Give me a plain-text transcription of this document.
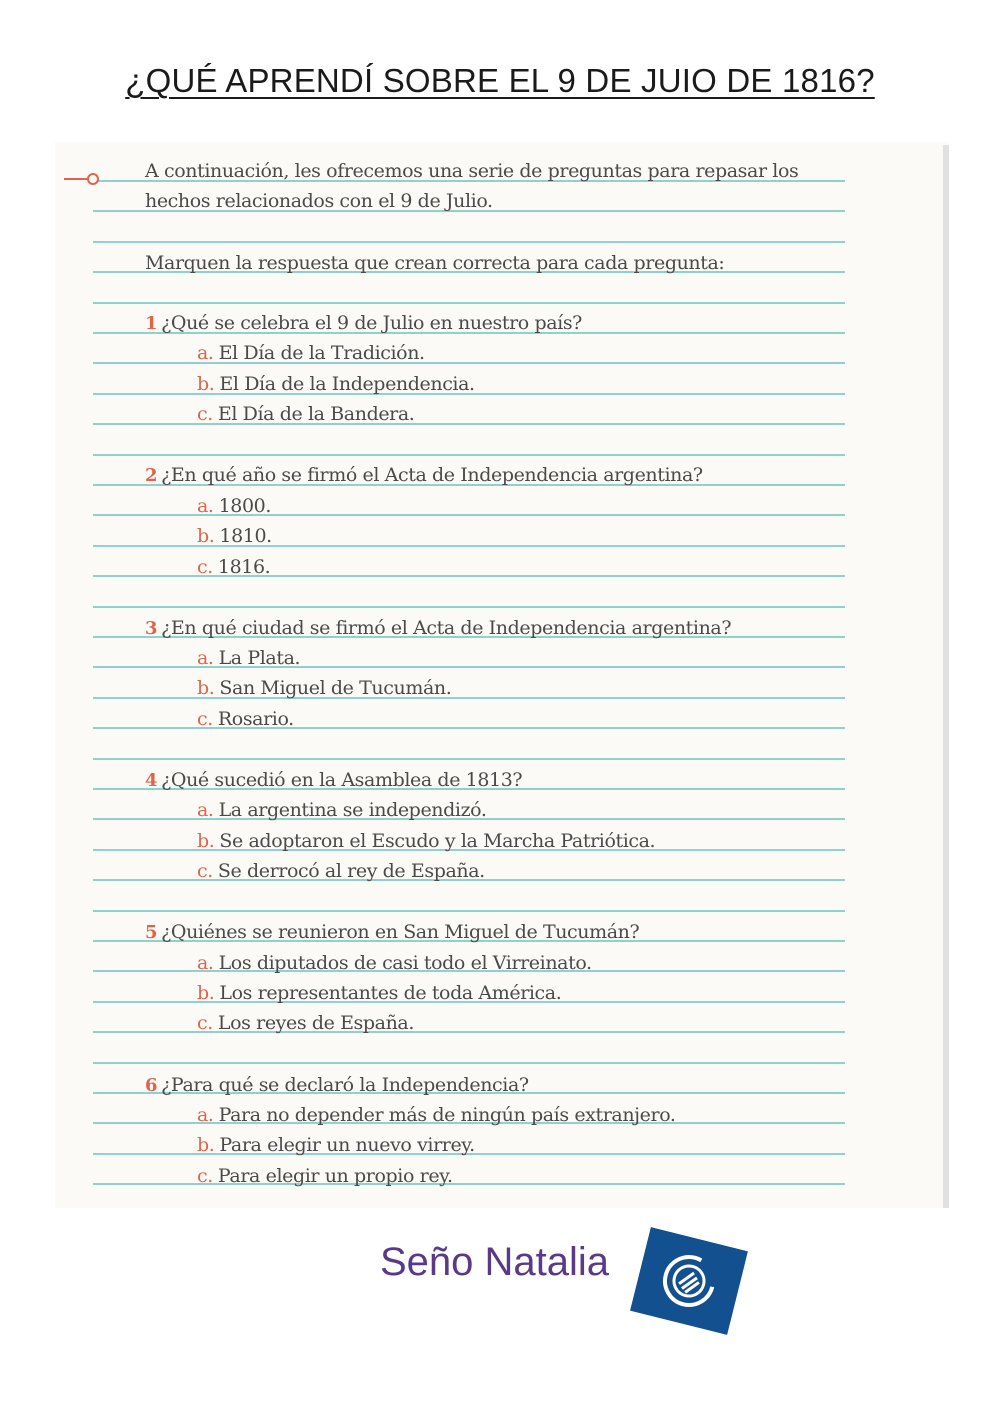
¿QUÉ APRENDÍ SOBRE EL 9 DE JUIO DE 1816?
A continuación, les ofrecemos una serie de preguntas para repasar los
hechos relacionados con el 9 de Julio.
Marquen la respuesta que crean correcta para cada pregunta:
1 ¿Qué se celebra el 9 de Julio en nuestro país?
a. El Día de la Tradición.
b. El Día de la Independencia.
c. El Día de la Bandera.
2 ¿En qué año se firmó el Acta de Independencia argentina?
a. 1800.
b. 1810.
c. 1816.
3 ¿En qué ciudad se firmó el Acta de Independencia argentina?
a. La Plata.
b. San Miguel de Tucumán.
c. Rosario.
4 ¿Qué sucedió en la Asamblea de 1813?
a. La argentina se independizó.
b. Se adoptaron el Escudo y la Marcha Patriótica.
c. Se derrocó al rey de España.
5 ¿Quiénes se reunieron en San Miguel de Tucumán?
a. Los diputados de casi todo el Virreinato.
b. Los representantes de toda América.
c. Los reyes de España.
6 ¿Para qué se declaró la Independencia?
a. Para no depender más de ningún país extranjero.
b. Para elegir un nuevo virrey.
c. Para elegir un propio rey.
Seño Natalia
